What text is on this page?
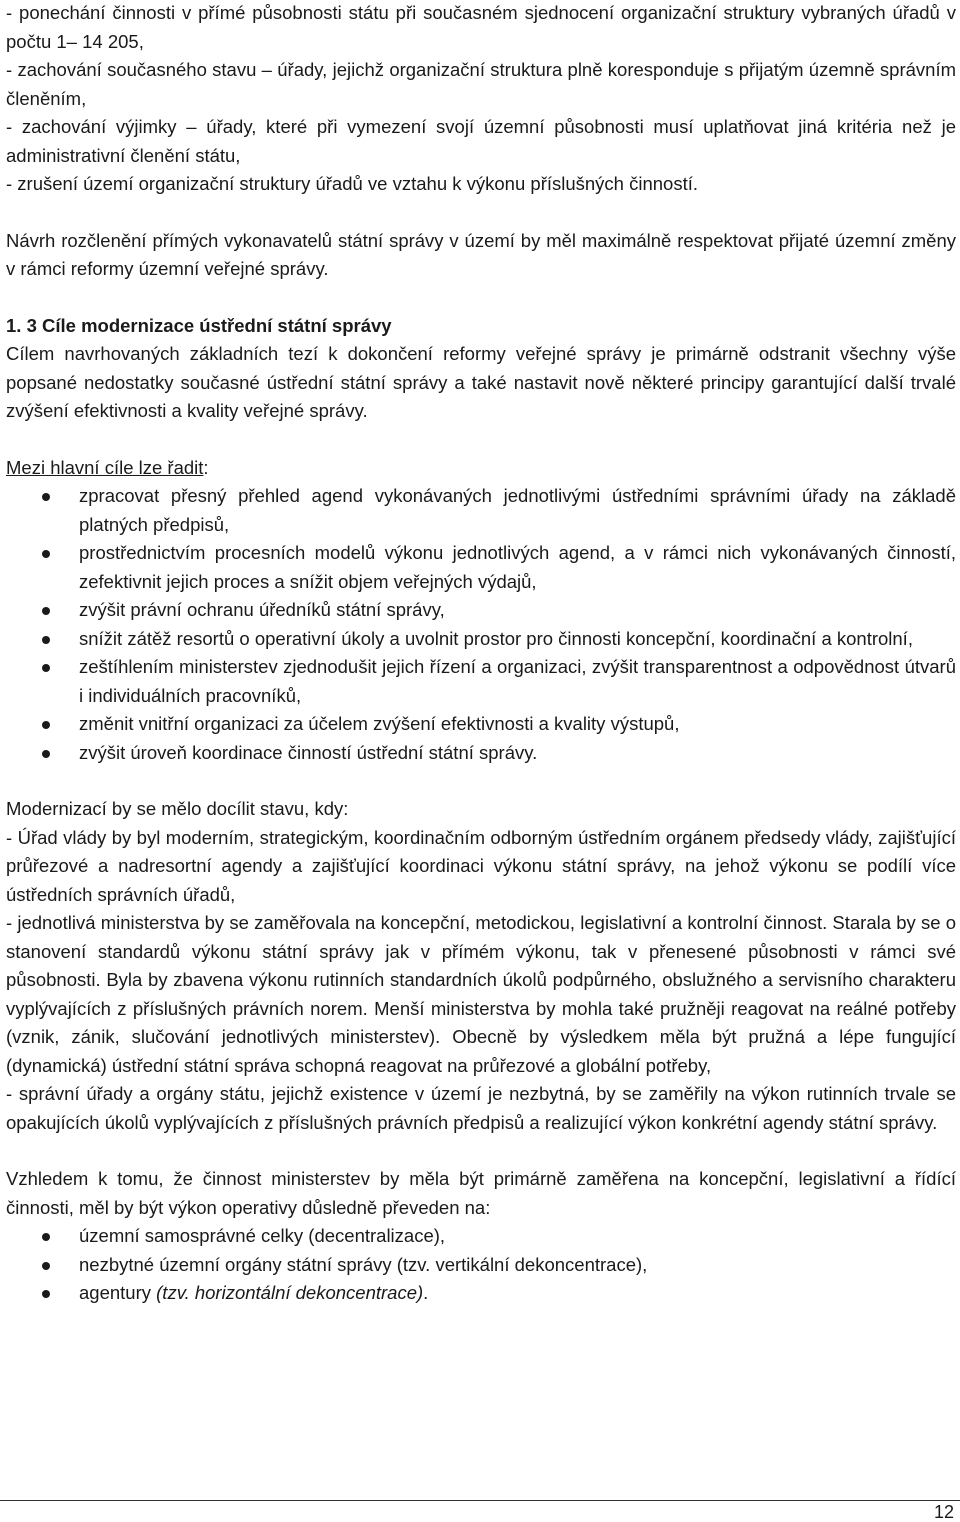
- ponechání činnosti v přímé působnosti státu při současném sjednocení organizační struktury vybraných úřadů v počtu 1– 14 205,

- zachování současného stavu – úřady, jejichž organizační struktura plně koresponduje s přijatým územně správním členěním,

- zachování výjimky – úřady, které při vymezení svojí územní působnosti musí uplatňovat jiná kritéria než je administrativní členění státu,

- zrušení území organizační struktury úřadů ve vztahu k výkonu příslušných činností.

Návrh rozčlenění přímých vykonavatelů státní správy v území by měl maximálně respektovat přijaté územní změny v rámci reformy územní veřejné správy.

1. 3 Cíle modernizace ústřední státní správy

Cílem navrhovaných základních tezí k dokončení reformy veřejné správy je primárně odstranit všechny výše popsané nedostatky současné ústřední státní správy a také nastavit nově některé principy garantující další trvalé zvýšení efektivnosti a kvality veřejné správy.

Mezi hlavní cíle lze řadit:

zpracovat přesný přehled agend vykonávaných jednotlivými ústředními správními úřady na základě platných předpisů,
prostřednictvím procesních modelů výkonu jednotlivých agend, a v rámci nich vykonávaných činností, zefektivnit jejich proces a snížit objem veřejných výdajů,
zvýšit právní ochranu úředníků státní správy,
snížit zátěž resortů o operativní úkoly a uvolnit prostor pro činnosti koncepční, koordinační a kontrolní,
zeštíhlením ministerstev zjednodušit jejich řízení a organizaci, zvýšit transparentnost a odpovědnost útvarů i individuálních pracovníků,
změnit vnitřní organizaci za účelem zvýšení efektivnosti a kvality výstupů,
zvýšit úroveň koordinace činností ústřední státní správy.

Modernizací by se mělo docílit stavu, kdy:

- Úřad vlády by byl moderním, strategickým, koordinačním odborným ústředním orgánem předsedy vlády, zajišťující průřezové a nadresortní agendy a zajišťující koordinaci výkonu státní správy, na jehož výkonu se podílí více ústředních správních úřadů,

- jednotlivá ministerstva by se zaměřovala na koncepční, metodickou, legislativní a kontrolní činnost. Starala by se o stanovení standardů výkonu státní správy jak v přímém výkonu, tak v přenesené působnosti v rámci své působnosti. Byla by zbavena výkonu rutinních standardních úkolů podpůrného, obslužného a servisního charakteru vyplývajících z příslušných právních norem. Menší ministerstva by mohla také pružněji reagovat na reálné potřeby (vznik, zánik, slučování jednotlivých ministerstev). Obecně by výsledkem měla být pružná a lépe fungující (dynamická) ústřední státní správa schopná reagovat na průřezové a globální potřeby,

- správní úřady a orgány státu, jejichž existence v území je nezbytná, by se zaměřily na výkon rutinních trvale se opakujících úkolů vyplývajících z příslušných právních předpisů a realizující výkon konkrétní agendy státní správy.

Vzhledem k tomu, že činnost ministerstev by měla být primárně zaměřena na koncepční, legislativní a řídící činnosti, měl by být výkon operativy důsledně převeden na:

územní samosprávné celky (decentralizace),
nezbytné územní orgány státní správy (tzv. vertikální dekoncentrace),
agentury (tzv. horizontální dekoncentrace).
12
